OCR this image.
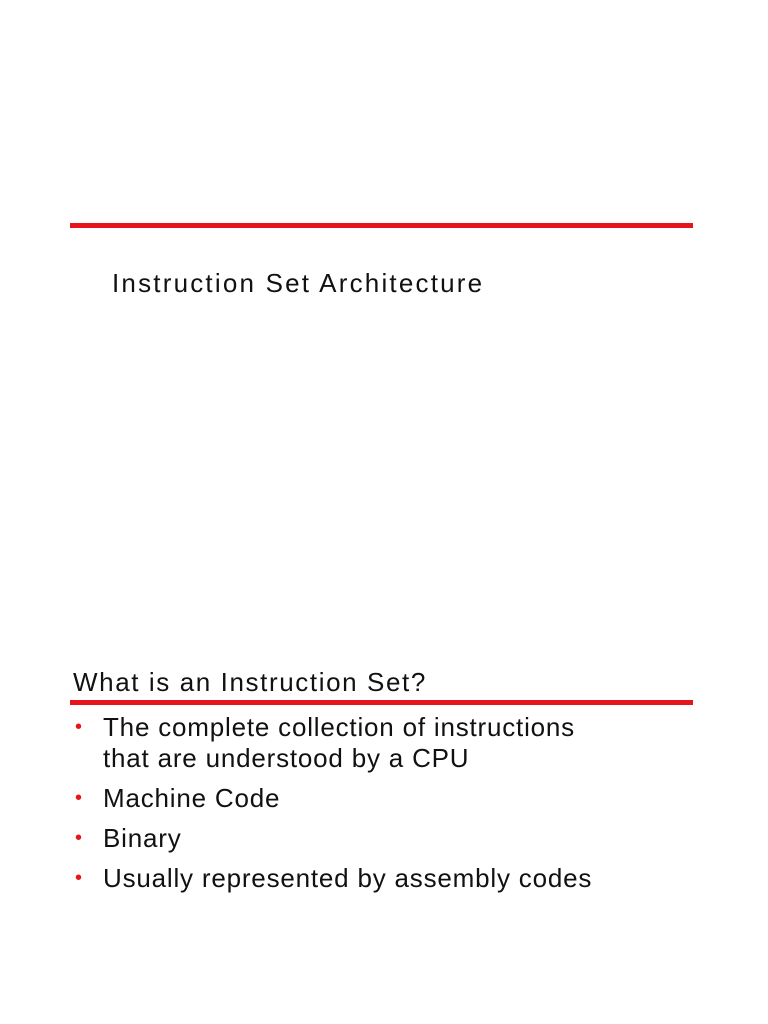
Instruction Set Architecture
What is an Instruction Set?
• The complete collection of instructions
that are understood by a CPU
• Machine Code
• Binary
• Usually represented by assembly codes
